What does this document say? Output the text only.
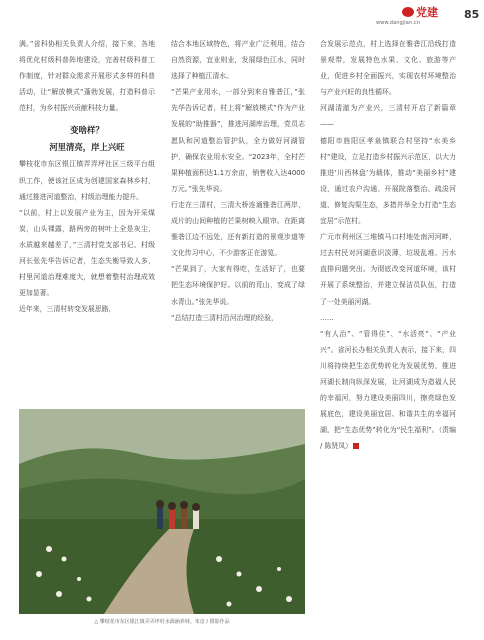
党建
www.dangjian.cn
85

满。”省科协相关负责人介绍，接下来，各地将优化村级科普阵地建设，完善村级科普工作制度，针对群众需求开展形式多样的科普活动，让“解放模式”蓬勃发展，打造科普示范村，为乡村振兴贡献科技力量。

变啥样？
河里清亮，岸上兴旺

攀枝花市东区银江镇弄弄坪社区三级平台组织工作，使该社区成为创建国家森林乡村，通过推进河道整治，村级治理能力提升。

“以前，村上以发展产业为主，因为开采煤炭，山头裸露，路两旁的树叶上全是灰尘，水质越来越差了，”三清村党支部书记、村级河长张先华告诉记者，生态失衡导致人多，村里河道治理难度大，就想着整村治理成效更加显著。

近年来，三清村转变发展思路，

结合本地区域特色，将产业广泛利用，结合自然资源，宜业则业，发展绿色江水，同时选择了种植江清水。

“芒果产业用水，一部分到来自雅砻江，”张先华告诉记者，村上将“解放模式”作为产业发展的“助推器”，推进河湖库治理，党员志愿队和河道整治管护队，全力做好河湖管护，确保农业用水安全。“2023年，全村芒果种植面积达1.1万余亩，销售收入达4000万元。”张先华说。

行走在三清村，三清大桥连通雅砻江两岸，成片的山间种植的芒果树映入眼帘。在距离雅砻江边不远处，还有新打造的景观步道等文化传习中心，不少游客正在游览。

“芒果到了，大家有得吃，生活好了，也要把生态环境保护好。以前的荒山，变成了绿水青山。”张先华说。

“总结打造三清村沿河治理的经验，

合发展示范点，村上选择在雅砻江沿线打造景观带，发展特色水果、文化、旅游等产业，促进乡村全面振兴，实现农村环境整治与产业兴旺的良性循环。

河湖清澈为产业兴，三清村开启了新篇章——

德阳市旌阳区孝泉镇联合村坚持“水美乡村”建设，立足打造乡村振兴示范区，以大力推进‘川西林盘’为载体，推动“美丽乡村”建设，通过农户沟通、开展院落整治、疏浚河道、修复沟渠生态，多措并举全力打造“生态宜居”示范村。

广元市利州区三堆镇马口村地处南河河畔，过去村民对河湖意识淡薄，垃圾乱堆、污水直排问题突出。为彻底改变河道环境，该村开展了系统整治，并建立保洁员队伍，打造了一处美丽河湖。

……

“有人治”、“管得住”、“水活亮”、“产业兴”。省河长办相关负责人表示，接下来，四川将持续把生态优势转化为发展优势，推进河湖长制向纵深发展，让河湖成为造福人民的幸福河，努力建设美丽四川，擦亮绿色发展底色，建设美丽宜居、和谐共生的幸福河湖，把“生态优势”转化为“民生福利”。（责编 / 陈贤凤）

△ 攀枝花市东区银江镇弄弄坪村水源涵养林。朱彦 / 摄影作品
